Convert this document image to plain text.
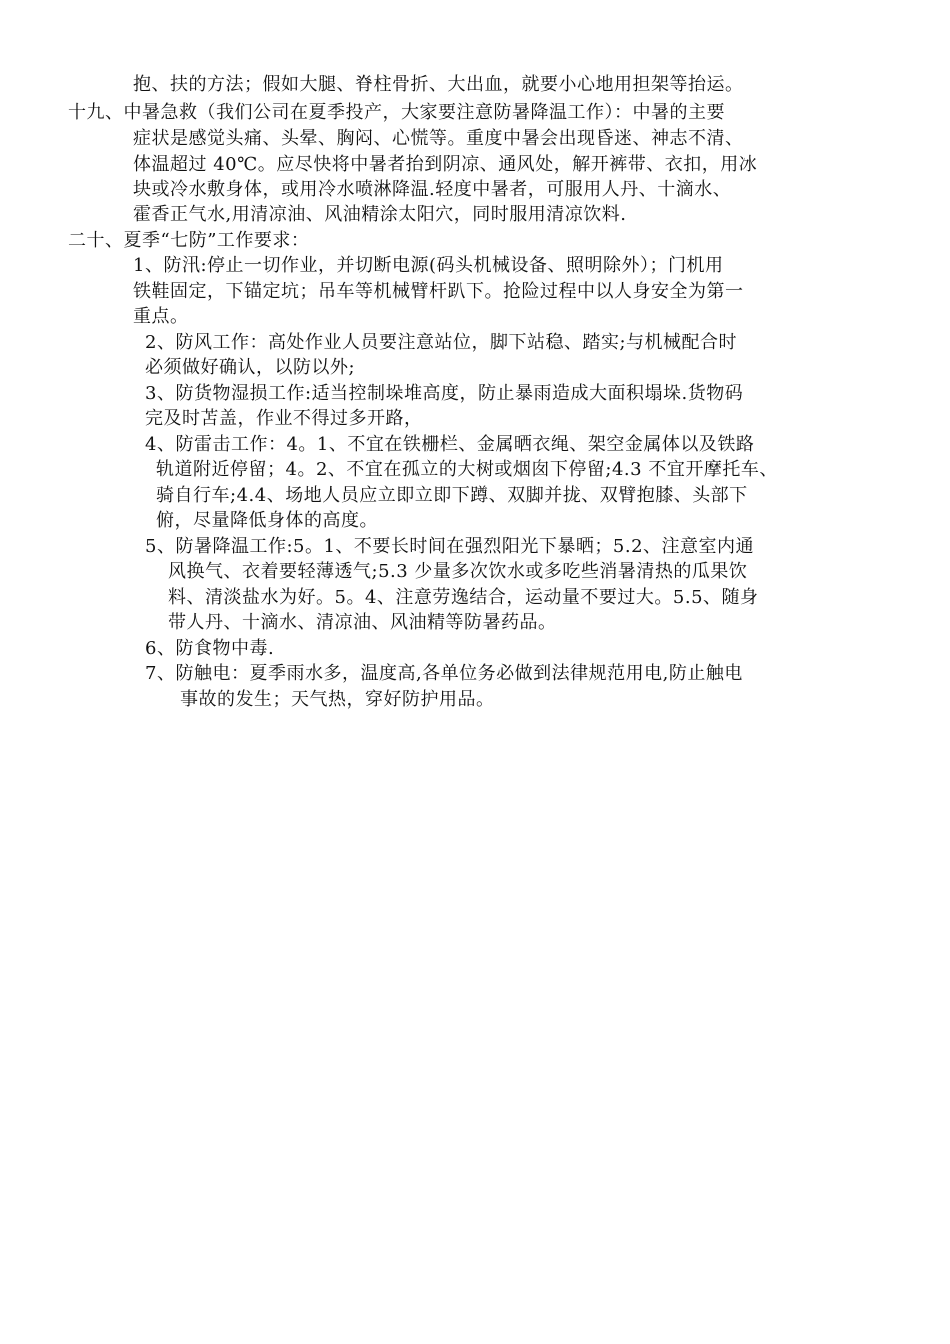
抱、扶的方法；假如大腿、脊柱骨折、大出血，就要小心地用担架等抬运。

十九、中暑急救（我们公司在夏季投产，大家要注意防暑降温工作）：中暑的主要

症状是感觉头痛、头晕、胸闷、心慌等。重度中暑会出现昏迷、神志不清、

体温超过 40℃。应尽快将中暑者抬到阴凉、通风处，解开裤带、衣扣，用冰

块或冷水敷身体，或用冷水喷淋降温.轻度中暑者，可服用人丹、十滴水、

霍香正气水,用清凉油、风油精涂太阳穴，同时服用清凉饮料.

二十、夏季“七防”工作要求：

1、防汛:停止一切作业，并切断电源(码头机械设备、照明除外）；门机用

铁鞋固定，下锚定坑；吊车等机械臂杆趴下。抢险过程中以人身安全为第一

重点。

2、防风工作：高处作业人员要注意站位，脚下站稳、踏实;与机械配合时

必须做好确认，以防以外;

3、防货物湿损工作:适当控制垛堆高度，防止暴雨造成大面积塌垛.货物码

完及时苫盖，作业不得过多开路，

4、防雷击工作：4。1、不宜在铁栅栏、金属晒衣绳、架空金属体以及铁路

轨道附近停留；4。2、不宜在孤立的大树或烟囱下停留;4.3 不宜开摩托车、

骑自行车;4.4、场地人员应立即立即下蹲、双脚并拢、双臂抱膝、头部下

俯，尽量降低身体的高度。

5、防暑降温工作:5。1、不要长时间在强烈阳光下暴晒；5.2、注意室内通

风换气、衣着要轻薄透气;5.3 少量多次饮水或多吃些消暑清热的瓜果饮

料、清淡盐水为好。5。4、注意劳逸结合，运动量不要过大。5.5、随身

带人丹、十滴水、清凉油、风油精等防暑药品。

6、防食物中毒.

7、防触电：夏季雨水多，温度高,各单位务必做到法律规范用电,防止触电

事故的发生；天气热，穿好防护用品。
